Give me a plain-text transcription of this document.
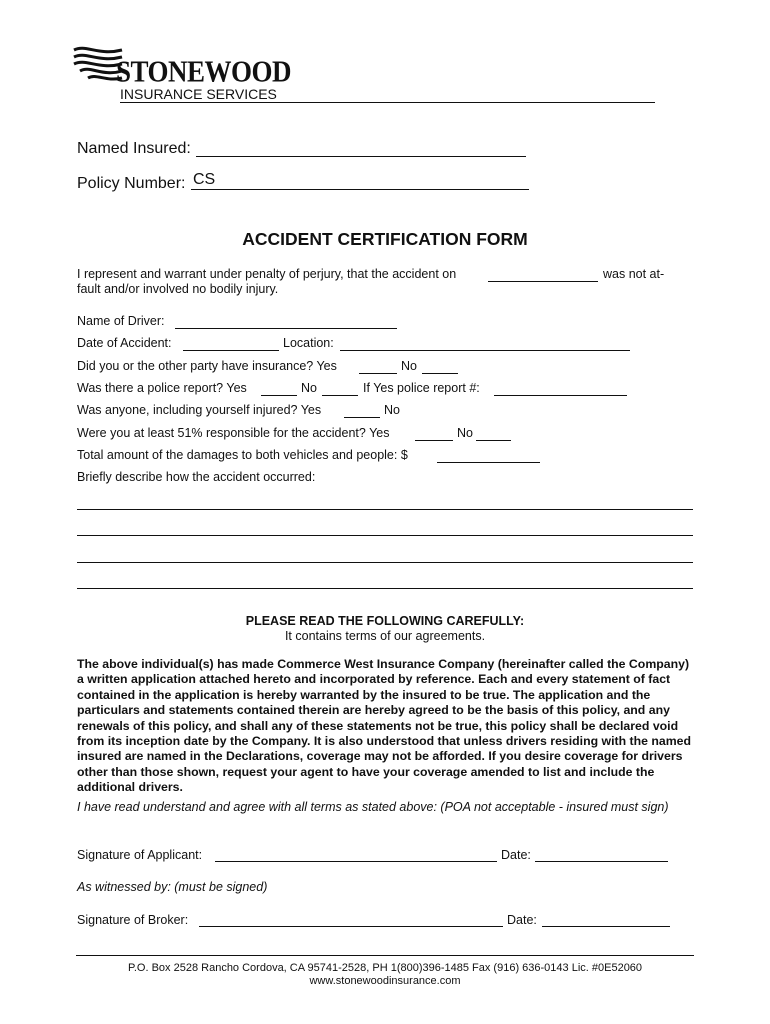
STONEWOOD
INSURANCE SERVICES
Named Insured:
Policy Number: CS
ACCIDENT CERTIFICATION FORM
I represent and warrant under penalty of perjury, that the accident on	was not at-
fault and/or involved no bodily injury.
Name of Driver:
Date of Accident:	Location:
Did you or the other party have insurance? Yes	No
Was there a police report? Yes	No	If Yes police report #:
Was anyone, including yourself injured? Yes	No
Were you at least 51% responsible for the accident? Yes	No
Total amount of the damages to both vehicles and people: $
Briefly describe how the accident occurred:
PLEASE READ THE FOLLOWING CAREFULLY:
It contains terms of our agreements.
The above individual(s) has made Commerce West Insurance Company (hereinafter called the Company) a written application attached hereto and incorporated by reference. Each and every statement of fact contained in the application is hereby warranted by the insured to be true. The application and the particulars and statements contained therein are hereby agreed to be the basis of this policy, and any renewals of this policy, and shall any of these statements not be true, this policy shall be declared void from its inception date by the Company. It is also understood that unless drivers residing with the named insured are named in the Declarations, coverage may not be afforded. If you desire coverage for drivers other than those shown, request your agent to have your coverage amended to list and include the additional drivers.
I have read understand and agree with all terms as stated above: (POA not acceptable - insured must sign)
Signature of Applicant:	Date:
As witnessed by: (must be signed)
Signature of Broker:	Date:
P.O. Box 2528 Rancho Cordova, CA 95741-2528, PH 1(800)396-1485 Fax (916) 636-0143 Lic. #0E52060
www.stonewoodinsurance.com
